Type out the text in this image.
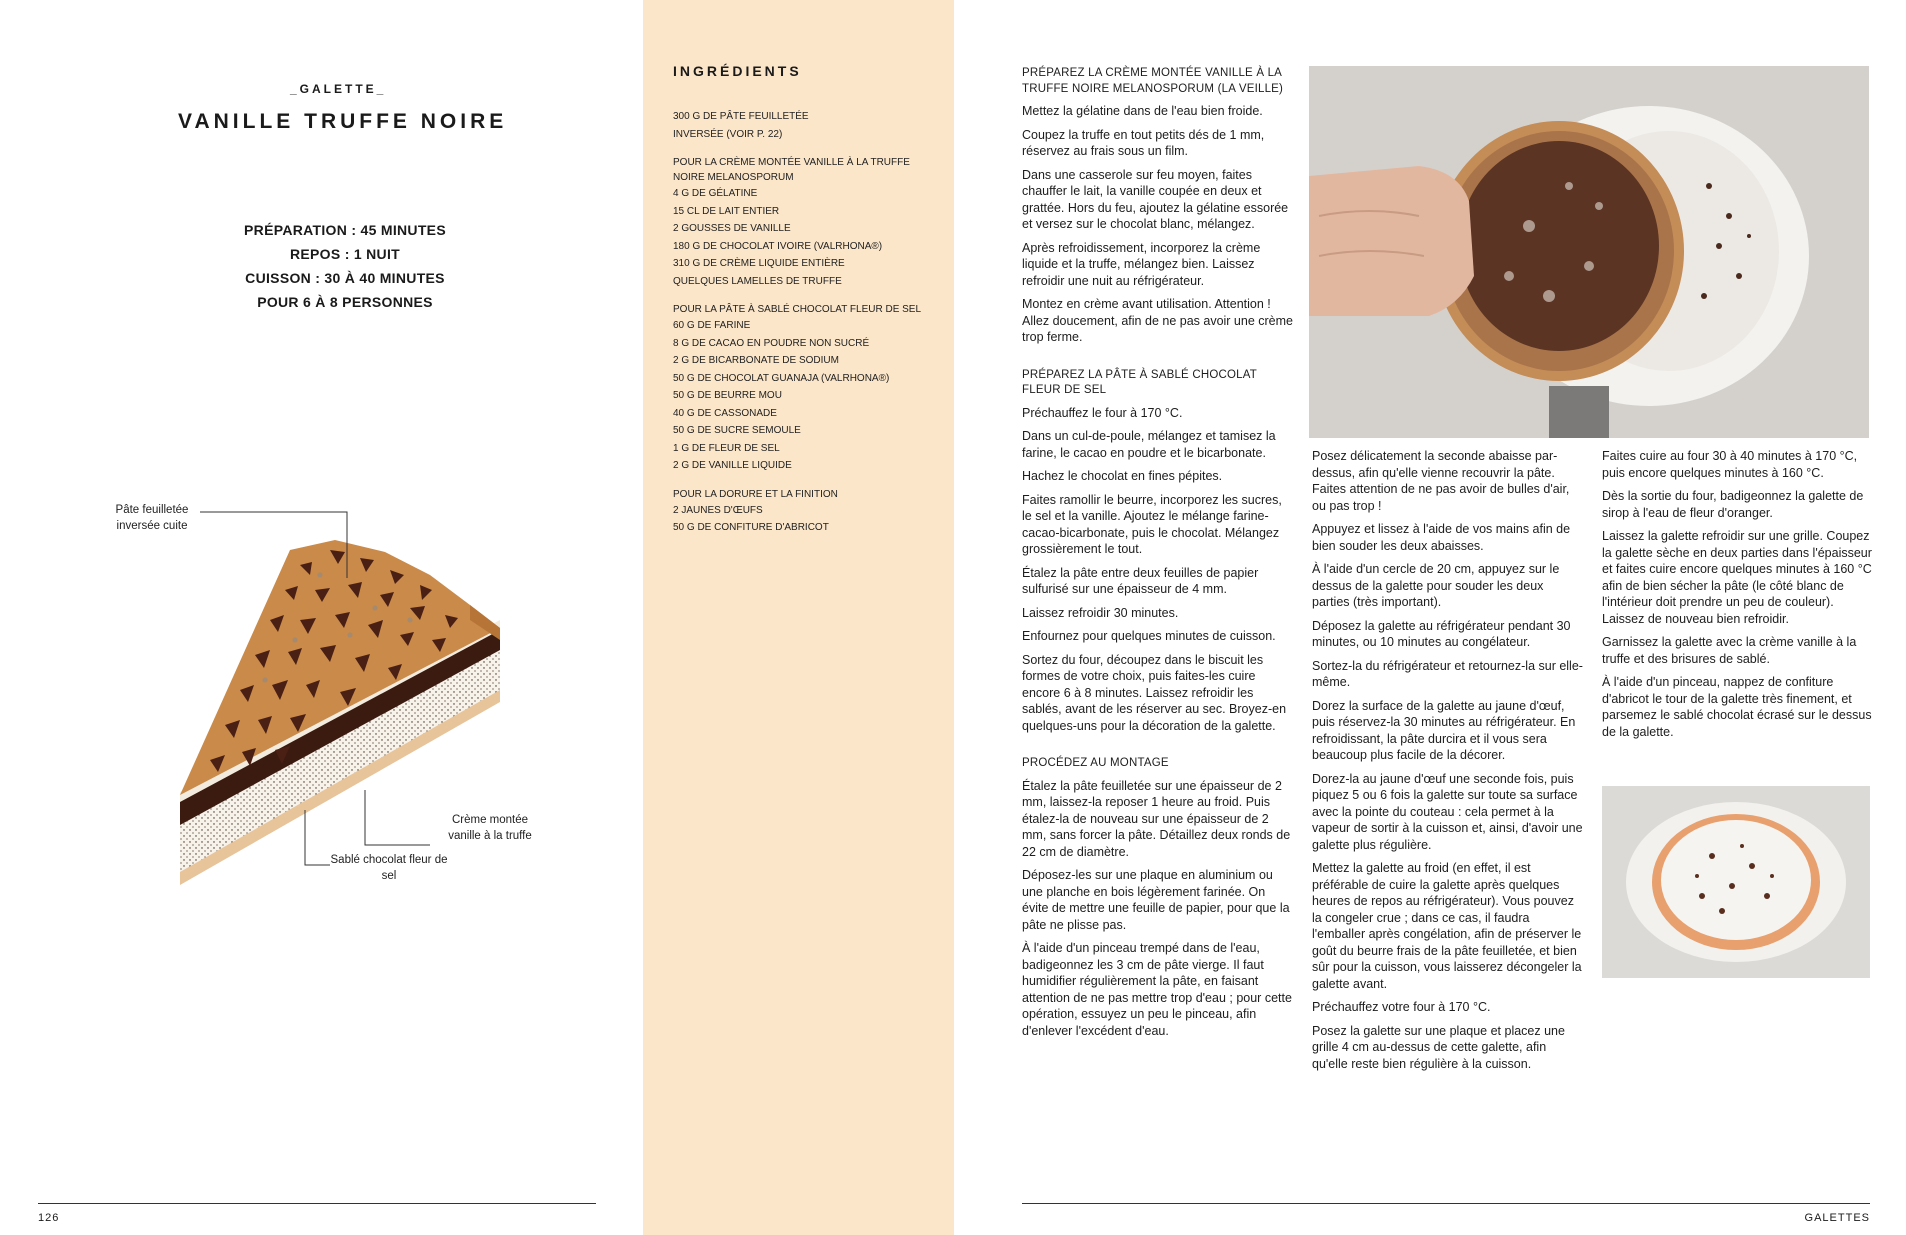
_GALETTE_
VANILLE TRUFFE NOIRE
PRÉPARATION : 45 MINUTES
REPOS : 1 NUIT
CUISSON : 30 À 40 MINUTES
POUR 6 À 8 PERSONNES
Pâte feuilletée inversée cuite
Crème montée vanille à la truffe
Sablé chocolat fleur de sel
126
INGRÉDIENTS
300 G DE PÂTE FEUILLETÉE
INVERSÉE (VOIR P. 22)
POUR LA CRÈME MONTÉE VANILLE À LA TRUFFE NOIRE MELANOSPORUM
4 G DE GÉLATINE
15 CL DE LAIT ENTIER
2 GOUSSES DE VANILLE
180 G DE CHOCOLAT IVOIRE (VALRHONA®)
310 G DE CRÈME LIQUIDE ENTIÈRE
QUELQUES LAMELLES DE TRUFFE
POUR LA PÂTE À SABLÉ CHOCOLAT FLEUR DE SEL
60 G DE FARINE
8 G DE CACAO EN POUDRE NON SUCRÉ
2 G DE BICARBONATE DE SODIUM
50 G DE CHOCOLAT GUANAJA (VALRHONA®)
50 G DE BEURRE MOU
40 G DE CASSONADE
50 G DE SUCRE SEMOULE
1 G DE FLEUR DE SEL
2 G DE VANILLE LIQUIDE
POUR LA DORURE ET LA FINITION
2 JAUNES D'ŒUFS
50 G DE CONFITURE D'ABRICOT
PRÉPAREZ LA CRÈME MONTÉE VANILLE À LA TRUFFE NOIRE MELANOSPORUM (LA VEILLE)

Mettez la gélatine dans de l'eau bien froide.

Coupez la truffe en tout petits dés de 1 mm, réservez au frais sous un film.

Dans une casserole sur feu moyen, faites chauffer le lait, la vanille coupée en deux et grattée. Hors du feu, ajoutez la gélatine essorée et versez sur le chocolat blanc, mélangez.

Après refroidissement, incorporez la crème liquide et la truffe, mélangez bien. Laissez refroidir une nuit au réfrigérateur.

Montez en crème avant utilisation. Attention ! Allez doucement, afin de ne pas avoir une crème trop ferme.

PRÉPAREZ LA PÂTE À SABLÉ CHOCOLAT FLEUR DE SEL

Préchauffez le four à 170 °C.

Dans un cul-de-poule, mélangez et tamisez la farine, le cacao en poudre et le bicarbonate.

Hachez le chocolat en fines pépites.

Faites ramollir le beurre, incorporez les sucres, le sel et la vanille. Ajoutez le mélange farine-cacao-bicarbonate, puis le chocolat. Mélangez grossièrement le tout.

Étalez la pâte entre deux feuilles de papier sulfurisé sur une épaisseur de 4 mm.

Laissez refroidir 30 minutes.

Enfournez pour quelques minutes de cuisson.

Sortez du four, découpez dans le biscuit les formes de votre choix, puis faites-les cuire encore 6 à 8 minutes. Laissez refroidir les sablés, avant de les réserver au sec. Broyez-en quelques-uns pour la décoration de la galette.

PROCÉDEZ AU MONTAGE

Étalez la pâte feuilletée sur une épaisseur de 2 mm, laissez-la reposer 1 heure au froid. Puis étalez-la de nouveau sur une épaisseur de 2 mm, sans forcer la pâte. Détaillez deux ronds de 22 cm de diamètre.

Déposez-les sur une plaque en aluminium ou une planche en bois légèrement farinée. On évite de mettre une feuille de papier, pour que la pâte ne plisse pas.

À l'aide d'un pinceau trempé dans de l'eau, badigeonnez les 3 cm de pâte vierge. Il faut humidifier régulièrement la pâte, en faisant attention de ne pas mettre trop d'eau ; pour cette opération, essuyez un peu le pinceau, afin d'enlever l'excédent d'eau.

Posez délicatement la seconde abaisse par-dessus, afin qu'elle vienne recouvrir la pâte. Faites attention de ne pas avoir de bulles d'air, ou pas trop !

Appuyez et lissez à l'aide de vos mains afin de bien souder les deux abaisses.

À l'aide d'un cercle de 20 cm, appuyez sur le dessus de la galette pour souder les deux parties (très important).

Déposez la galette au réfrigérateur pendant 30 minutes, ou 10 minutes au congélateur.

Sortez-la du réfrigérateur et retournez-la sur elle-même.

Dorez la surface de la galette au jaune d'œuf, puis réservez-la 30 minutes au réfrigérateur. En refroidissant, la pâte durcira et il vous sera beaucoup plus facile de la décorer.

Dorez-la au jaune d'œuf une seconde fois, puis piquez 5 ou 6 fois la galette sur toute sa surface avec la pointe du couteau : cela permet à la vapeur de sortir à la cuisson et, ainsi, d'avoir une galette plus régulière.

Mettez la galette au froid (en effet, il est préférable de cuire la galette après quelques heures de repos au réfrigérateur). Vous pouvez la congeler crue ; dans ce cas, il faudra l'emballer après congélation, afin de préserver le goût du beurre frais de la pâte feuilletée, et bien sûr pour la cuisson, vous laisserez décongeler la galette avant.

Préchauffez votre four à 170 °C.

Posez la galette sur une plaque et placez une grille 4 cm au-dessus de cette galette, afin qu'elle reste bien régulière à la cuisson.

Faites cuire au four 30 à 40 minutes à 170 °C, puis encore quelques minutes à 160 °C.

Dès la sortie du four, badigeonnez la galette de sirop à l'eau de fleur d'oranger.

Laissez la galette refroidir sur une grille. Coupez la galette sèche en deux parties dans l'épaisseur et faites cuire encore quelques minutes à 160 °C afin de bien sécher la pâte (le côté blanc de l'intérieur doit prendre un peu de couleur). Laissez de nouveau bien refroidir.

Garnissez la galette avec la crème vanille à la truffe et des brisures de sablé.

À l'aide d'un pinceau, nappez de confiture d'abricot le tour de la galette très finement, et parsemez le sablé chocolat écrasé sur le dessus de la galette.

GALETTES
